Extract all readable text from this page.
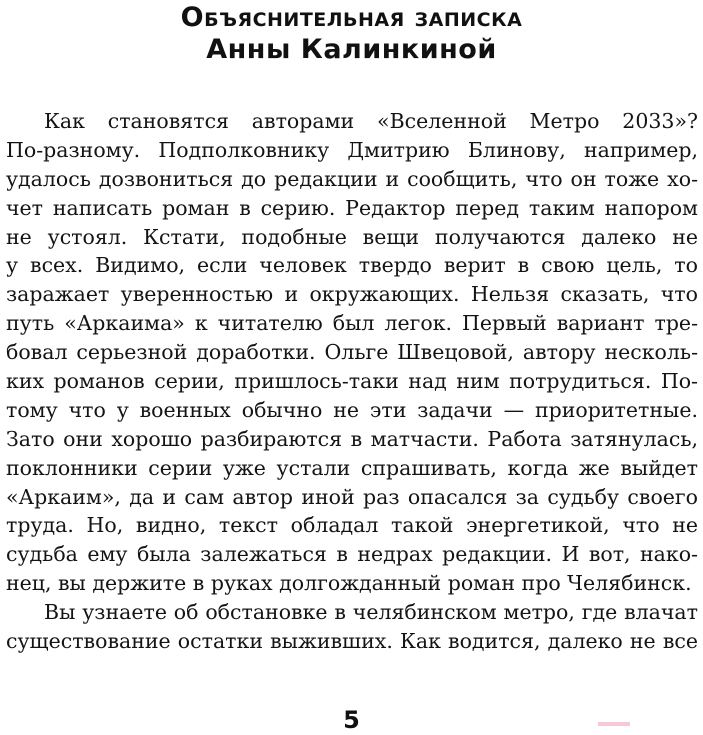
Объяснительная записка
Анны Калинкиной
Как становятся авторами «Вселенной Метро 2033»?
По-разному. Подполковнику Дмитрию Блинову, например,
удалось дозвониться до редакции и сообщить, что он тоже хо-
чет написать роман в серию. Редактор перед таким напором
не устоял. Кстати, подобные вещи получаются далеко не
у всех. Видимо, если человек твердо верит в свою цель, то
заражает уверенностью и окружающих. Нельзя сказать, что
путь «Аркаима» к читателю был легок. Первый вариант тре-
бовал серьезной доработки. Ольге Швецовой, автору несколь-
ких романов серии, пришлось-таки над ним потрудиться. По-
тому что у военных обычно не эти задачи — приоритетные.
Зато они хорошо разбираются в матчасти. Работа затянулась,
поклонники серии уже устали спрашивать, когда же выйдет
«Аркаим», да и сам автор иной раз опасался за судьбу своего
труда. Но, видно, текст обладал такой энергетикой, что не
судьба ему была залежаться в недрах редакции. И вот, нако-
нец, вы держите в руках долгожданный роман про Челябинск.
Вы узнаете об обстановке в челябинском метро, где влачат
существование остатки выживших. Как водится, далеко не все
5
